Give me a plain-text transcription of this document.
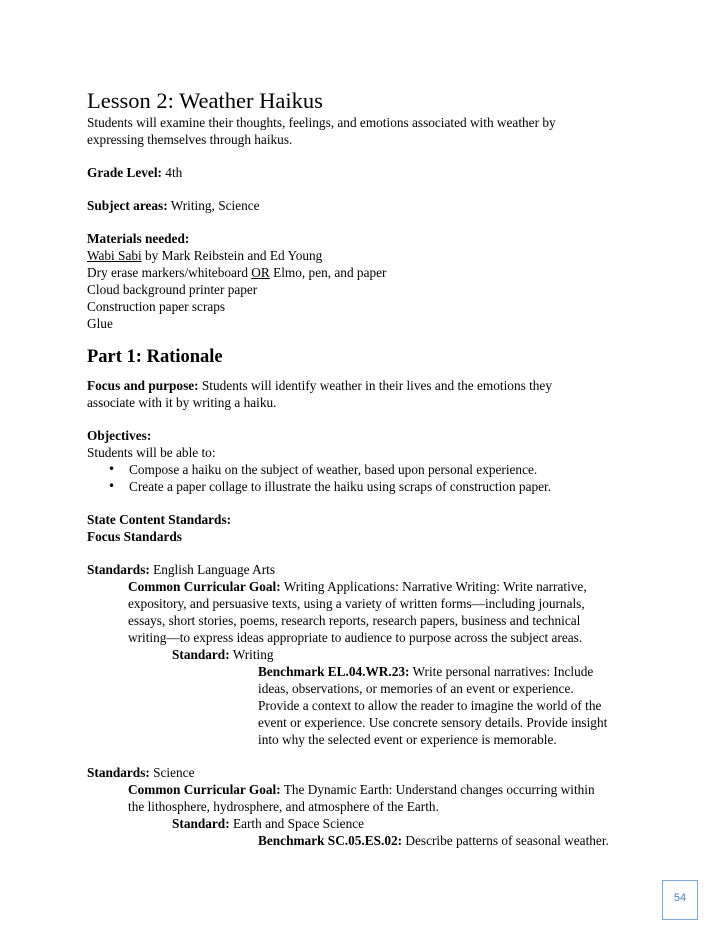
Lesson 2: Weather Haikus

Students will examine their thoughts, feelings, and emotions associated with weather by

expressing themselves through haikus.

Grade Level: 4th

Subject areas: Writing, Science

Materials needed:

Wabi Sabi by Mark Reibstein and Ed Young

Dry erase markers/whiteboard OR Elmo, pen, and paper

Cloud background printer paper

Construction paper scraps

Glue

Part 1: Rationale

Focus and purpose: Students will identify weather in their lives and the emotions they

associate with it by writing a haiku.

Objectives:

Students will be able to:

• Compose a haiku on the subject of weather, based upon personal experience.
• Create a paper collage to illustrate the haiku using scraps of construction paper.

State Content Standards:

Focus Standards

Standards: English Language Arts

Common Curricular Goal: Writing Applications: Narrative Writing: Write narrative,

expository, and persuasive texts, using a variety of written forms—including journals,

essays, short stories, poems, research reports, research papers, business and technical

writing—to express ideas appropriate to audience to purpose across the subject areas.

Standard: Writing

Benchmark EL.04.WR.23: Write personal narratives: Include

ideas, observations, or memories of an event or experience.

Provide a context to allow the reader to imagine the world of the

event or experience. Use concrete sensory details. Provide insight

into why the selected event or experience is memorable.

Standards: Science

Common Curricular Goal: The Dynamic Earth: Understand changes occurring within

the lithosphere, hydrosphere, and atmosphere of the Earth.

Standard: Earth and Space Science

Benchmark SC.05.ES.02: Describe patterns of seasonal weather.

54
